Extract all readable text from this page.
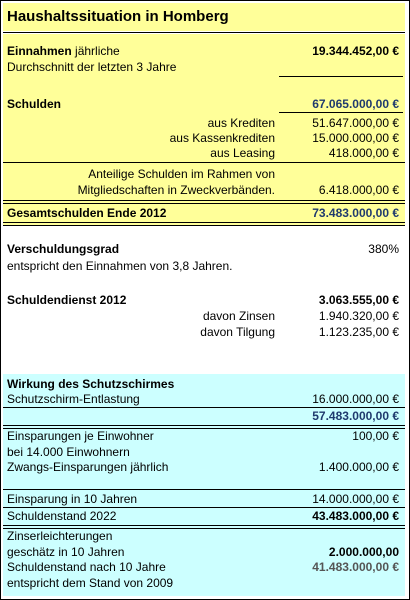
Haushaltssituation in Homberg
Einnahmen jährliche	19.344.452,00 €
Durchschnitt der letzten 3 Jahre
Schulden	67.065.000,00 €
aus Krediten	51.647.000,00 €
aus Kassenkrediten	15.000.000,00 €
aus Leasing	418.000,00 €
Anteilige Schulden im Rahmen von
Mitgliedschaften in Zweckverbänden.	6.418.000,00 €
Gesamtschulden Ende 2012	73.483.000,00 €
Verschuldungsgrad	380%
entspricht den Einnahmen von 3,8 Jahren.
Schuldendienst 2012	3.063.555,00 €
davon Zinsen	1.940.320,00 €
davon Tilgung	1.123.235,00 €
Wirkung des Schutzschirmes
Schutzschirm-Entlastung	16.000.000,00 €
57.483.000,00 €
Einsparungen je Einwohner	100,00 €
bei 14.000 Einwohnern
Zwangs-Einsparungen jährlich	1.400.000,00 €
Einsparung in 10 Jahren	14.000.000,00 €
Schuldenstand 2022	43.483.000,00 €
Zinserleichterungen
geschätz in 10 Jahren	2.000.000,00
Schuldenstand nach 10 Jahre	41.483.000,00 €
entspricht dem Stand von 2009
